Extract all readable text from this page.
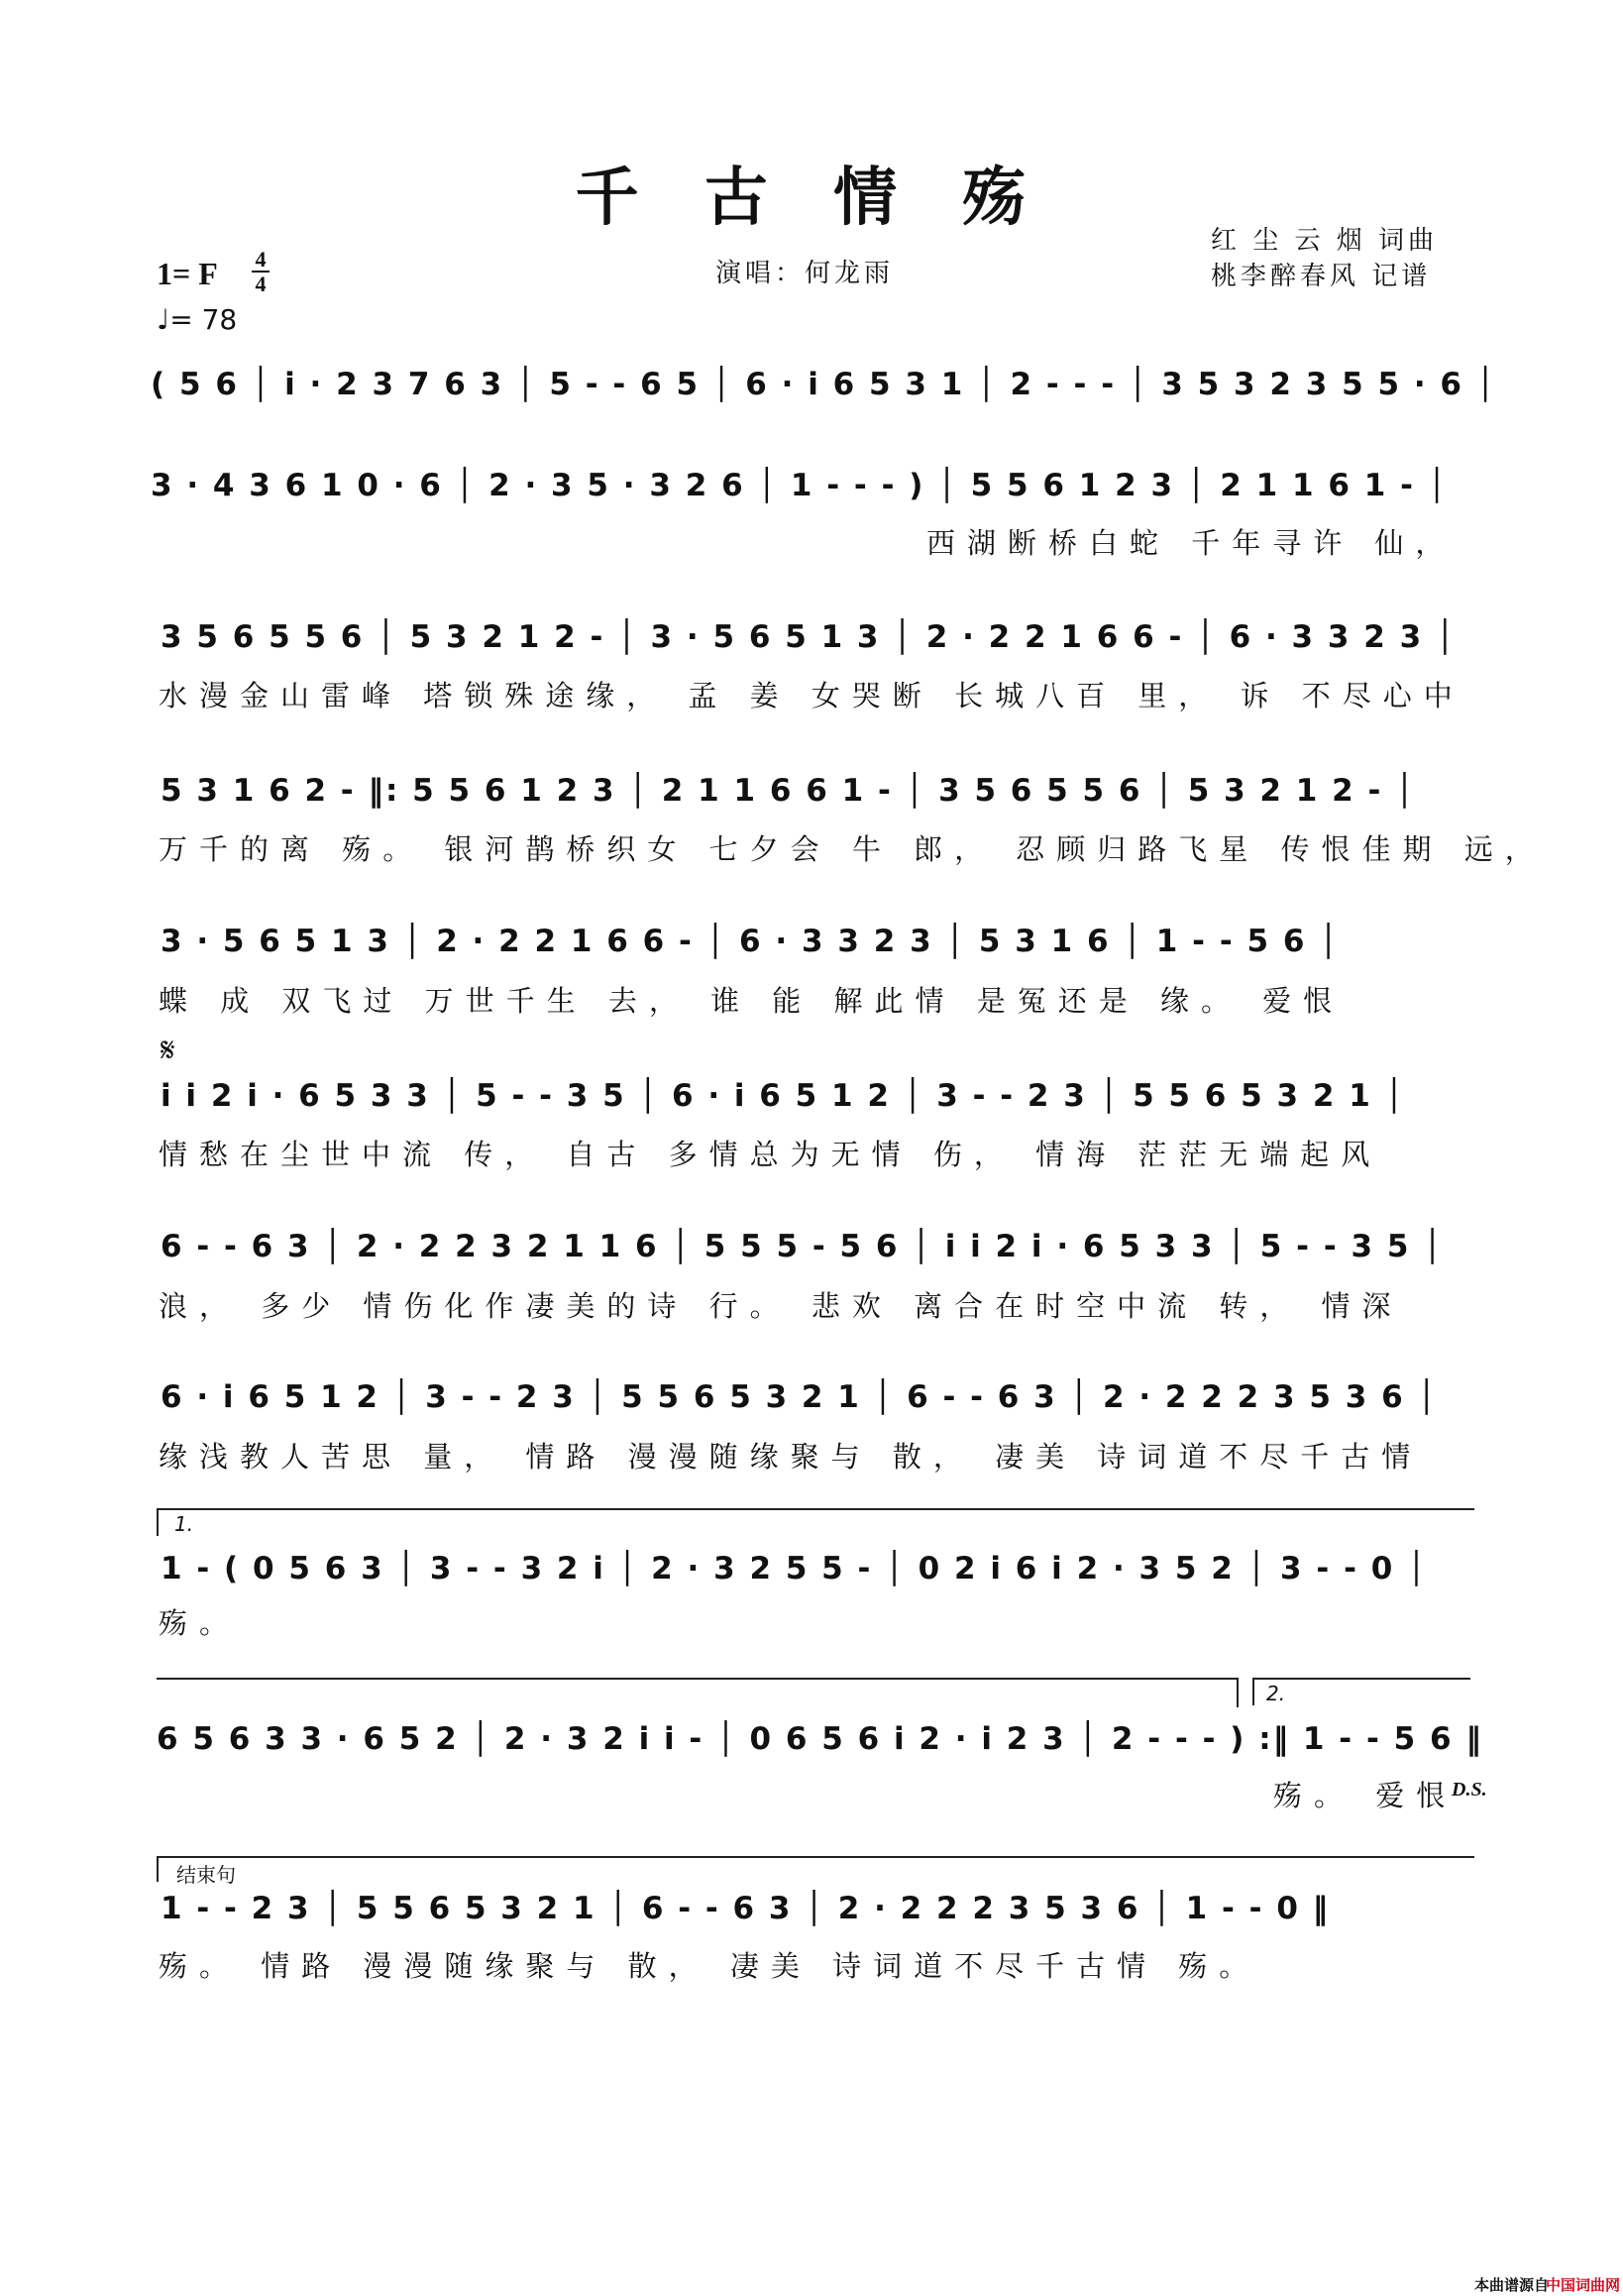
千 古 情 殇
演唱：何龙雨
红 尘 云 烟 词曲
桃李醉春风 记谱
1= F 4
4
♩= 78
( 5 6 │ i · 2 3 7 6 3 │ 5 - - 6 5 │ 6 · i 6 5 3 1 │ 2 - - - │ 3 5 3 2 3 5 5 · 6 │
3 · 4 3 6 1 0 · 6 │ 2 · 3 5 · 3 2 6 │ 1 - - - ) │ 5 5 6 1 2 3 │ 2 1 1 6 1 - │
西湖断桥白蛇 千年寻许 仙，
3 5 6 5 5 6 │ 5 3 2 1 2 - │ 3 · 5 6 5 1 3 │ 2 · 2 2 1 6 6 - │ 6 · 3 3 2 3 │
水漫金山雷峰 塔锁殊途缘， 孟 姜 女哭断 长城八百 里， 诉 不尽心中
5 3 1 6 2 - ‖: 5 5 6 1 2 3 │ 2 1 1 6 6 1 - │ 3 5 6 5 5 6 │ 5 3 2 1 2 - │
万千的离 殇。 银河鹊桥织女 七夕会 牛 郎， 忍顾归路飞星 传恨佳期 远，
3 · 5 6 5 1 3 │ 2 · 2 2 1 6 6 - │ 6 · 3 3 2 3 │ 5 3 1 6 │ 1 - - 5 6 │
蝶 成 双飞过 万世千生 去， 谁 能 解此情 是冤还是 缘。 爱恨
𝄋
i i 2 i · 6 5 3 3 │ 5 - - 3 5 │ 6 · i 6 5 1 2 │ 3 - - 2 3 │ 5 5 6 5 3 2 1 │
情愁在尘世中流 传， 自古 多情总为无情 伤， 情海 茫茫无端起风
6 - - 6 3 │ 2 · 2 2 3 2 1 1 6 │ 5 5 5 - 5 6 │ i i 2 i · 6 5 3 3 │ 5 - - 3 5 │
浪， 多少 情伤化作凄美的诗 行。 悲欢 离合在时空中流 转， 情深
6 · i 6 5 1 2 │ 3 - - 2 3 │ 5 5 6 5 3 2 1 │ 6 - - 6 3 │ 2 · 2 2 2 3 5 3 6 │
缘浅教人苦思 量， 情路 漫漫随缘聚与 散， 凄美 诗词道不尽千古情
1.
1 - ( 0 5 6 3 │ 3 - - 3 2 i │ 2 · 3 2 5 5 - │ 0 2 i 6 i 2 · 3 5 2 │ 3 - - 0 │
殇。
2.
6 5 6 3 3 · 6 5 2 │ 2 · 3 2 i i - │ 0 6 5 6 i 2 · i 2 3 │ 2 - - - ) :‖ 1 - - 5 6 ‖
殇。 爱恨
D.S.
结束句
1 - - 2 3 │ 5 5 6 5 3 2 1 │ 6 - - 6 3 │ 2 · 2 2 2 3 5 3 6 │ 1 - - 0 ‖
殇。 情路 漫漫随缘聚与 散， 凄美 诗词道不尽千古情 殇。
本曲谱源自
中国词曲网
